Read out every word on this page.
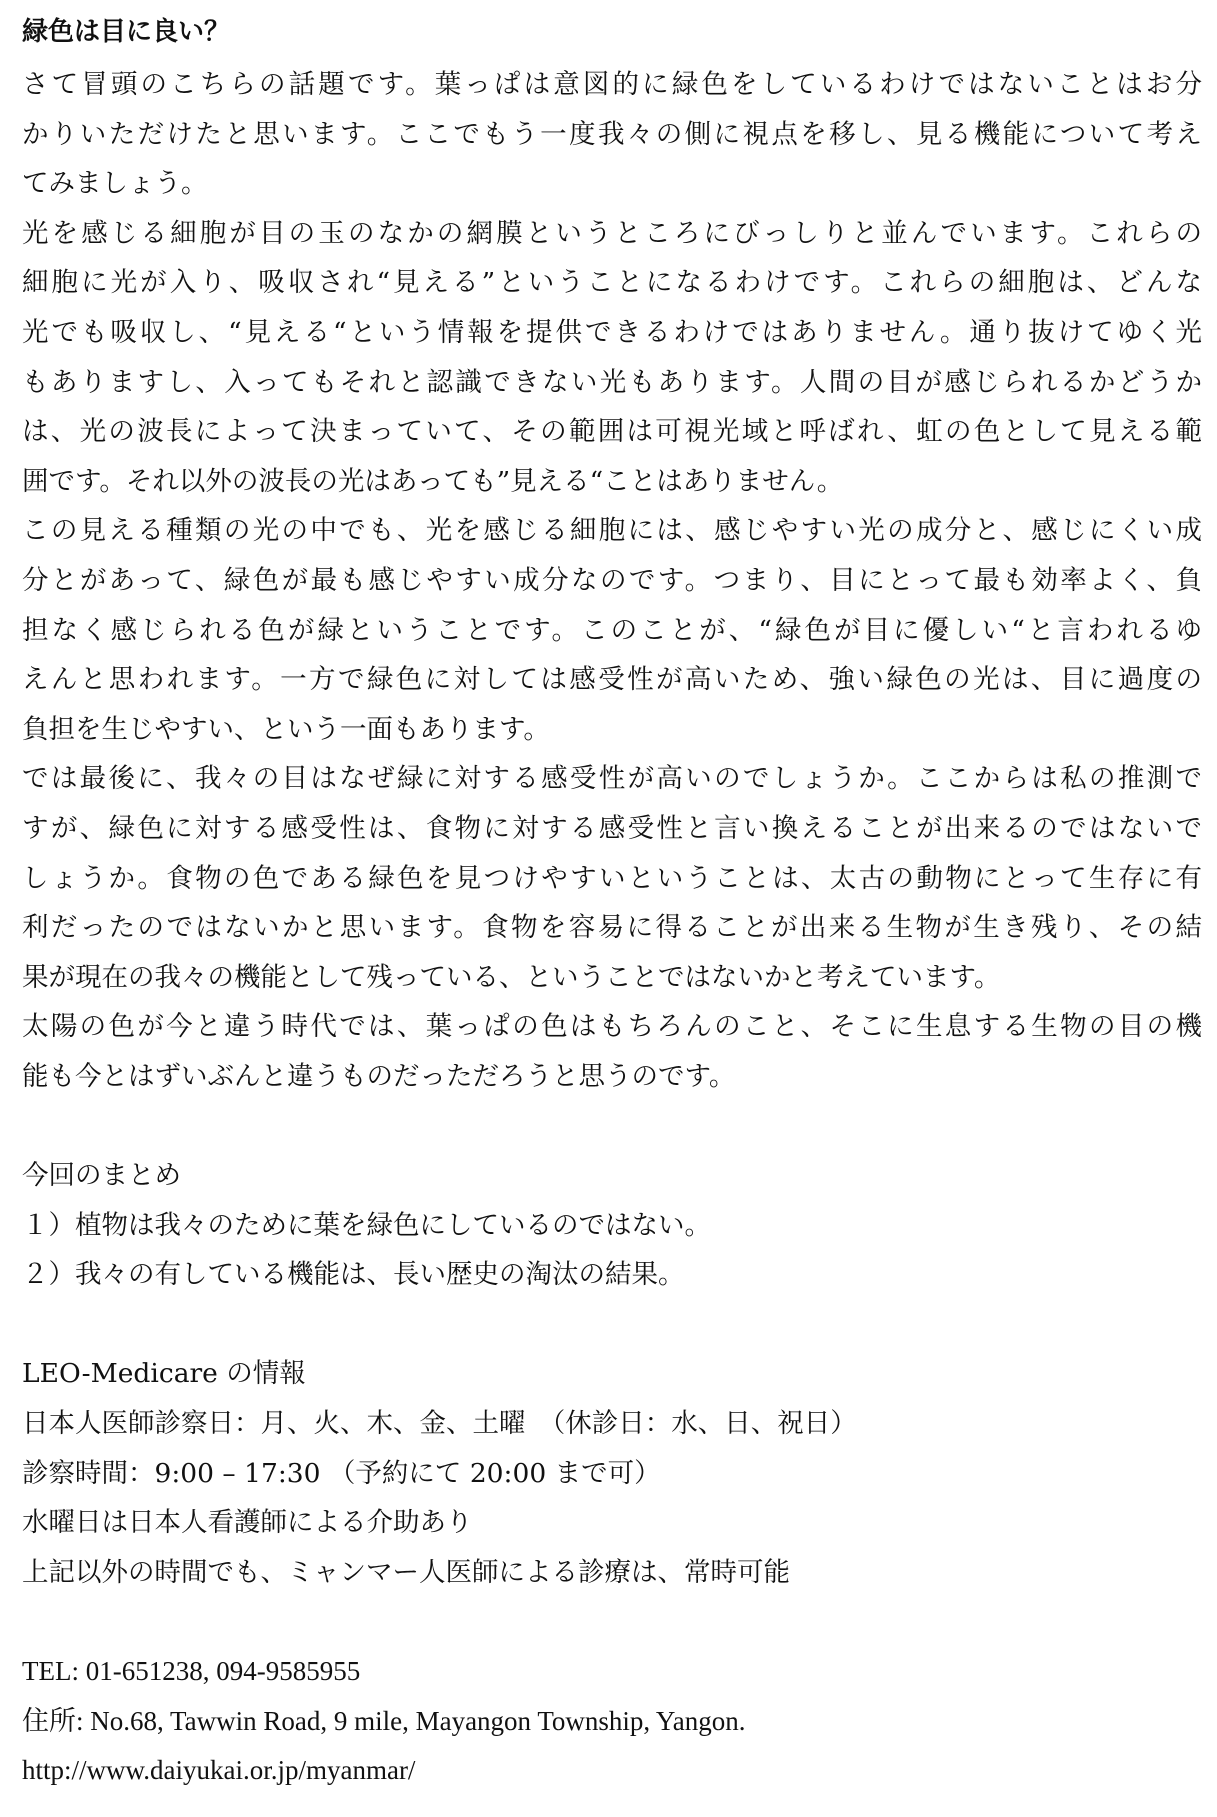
緑色は目に良い？
さて冒頭のこちらの話題です。葉っぱは意図的に緑色をしているわけではないことはお分
かりいただけたと思います。ここでもう一度我々の側に視点を移し、見る機能について考え
てみましょう。
光を感じる細胞が目の玉のなかの網膜というところにびっしりと並んでいます。これらの
細胞に光が入り、吸収され“見える”ということになるわけです。これらの細胞は、どんな
光でも吸収し、“見える“という情報を提供できるわけではありません。通り抜けてゆく光
もありますし、入ってもそれと認識できない光もあります。人間の目が感じられるかどうか
は、光の波長によって決まっていて、その範囲は可視光域と呼ばれ、虹の色として見える範
囲です。それ以外の波長の光はあっても”見える“ことはありません。
この見える種類の光の中でも、光を感じる細胞には、感じやすい光の成分と、感じにくい成
分とがあって、緑色が最も感じやすい成分なのです。つまり、目にとって最も効率よく、負
担なく感じられる色が緑ということです。このことが、“緑色が目に優しい“と言われるゆ
えんと思われます。一方で緑色に対しては感受性が高いため、強い緑色の光は、目に過度の
負担を生じやすい、という一面もあります。
では最後に、我々の目はなぜ緑に対する感受性が高いのでしょうか。ここからは私の推測で
すが、緑色に対する感受性は、食物に対する感受性と言い換えることが出来るのではないで
しょうか。食物の色である緑色を見つけやすいということは、太古の動物にとって生存に有
利だったのではないかと思います。食物を容易に得ることが出来る生物が生き残り、その結
果が現在の我々の機能として残っている、ということではないかと考えています。
太陽の色が今と違う時代では、葉っぱの色はもちろんのこと、そこに生息する生物の目の機
能も今とはずいぶんと違うものだっただろうと思うのです。
今回のまとめ
１）植物は我々のために葉を緑色にしているのではない。
２）我々の有している機能は、長い歴史の淘汰の結果。
LEO-Medicare の情報
日本人医師診察日：月、火、木、金、土曜　（休診日：水、日、祝日）
診察時間：9:00 – 17:30 （予約にて 20:00 まで可）
水曜日は日本人看護師による介助あり
上記以外の時間でも、ミャンマー人医師による診療は、常時可能
TEL: 01-651238, 094-9585955
住所: No.68, Tawwin Road, 9 mile, Mayangon Township, Yangon.
http://www.daiyukai.or.jp/myanmar/
